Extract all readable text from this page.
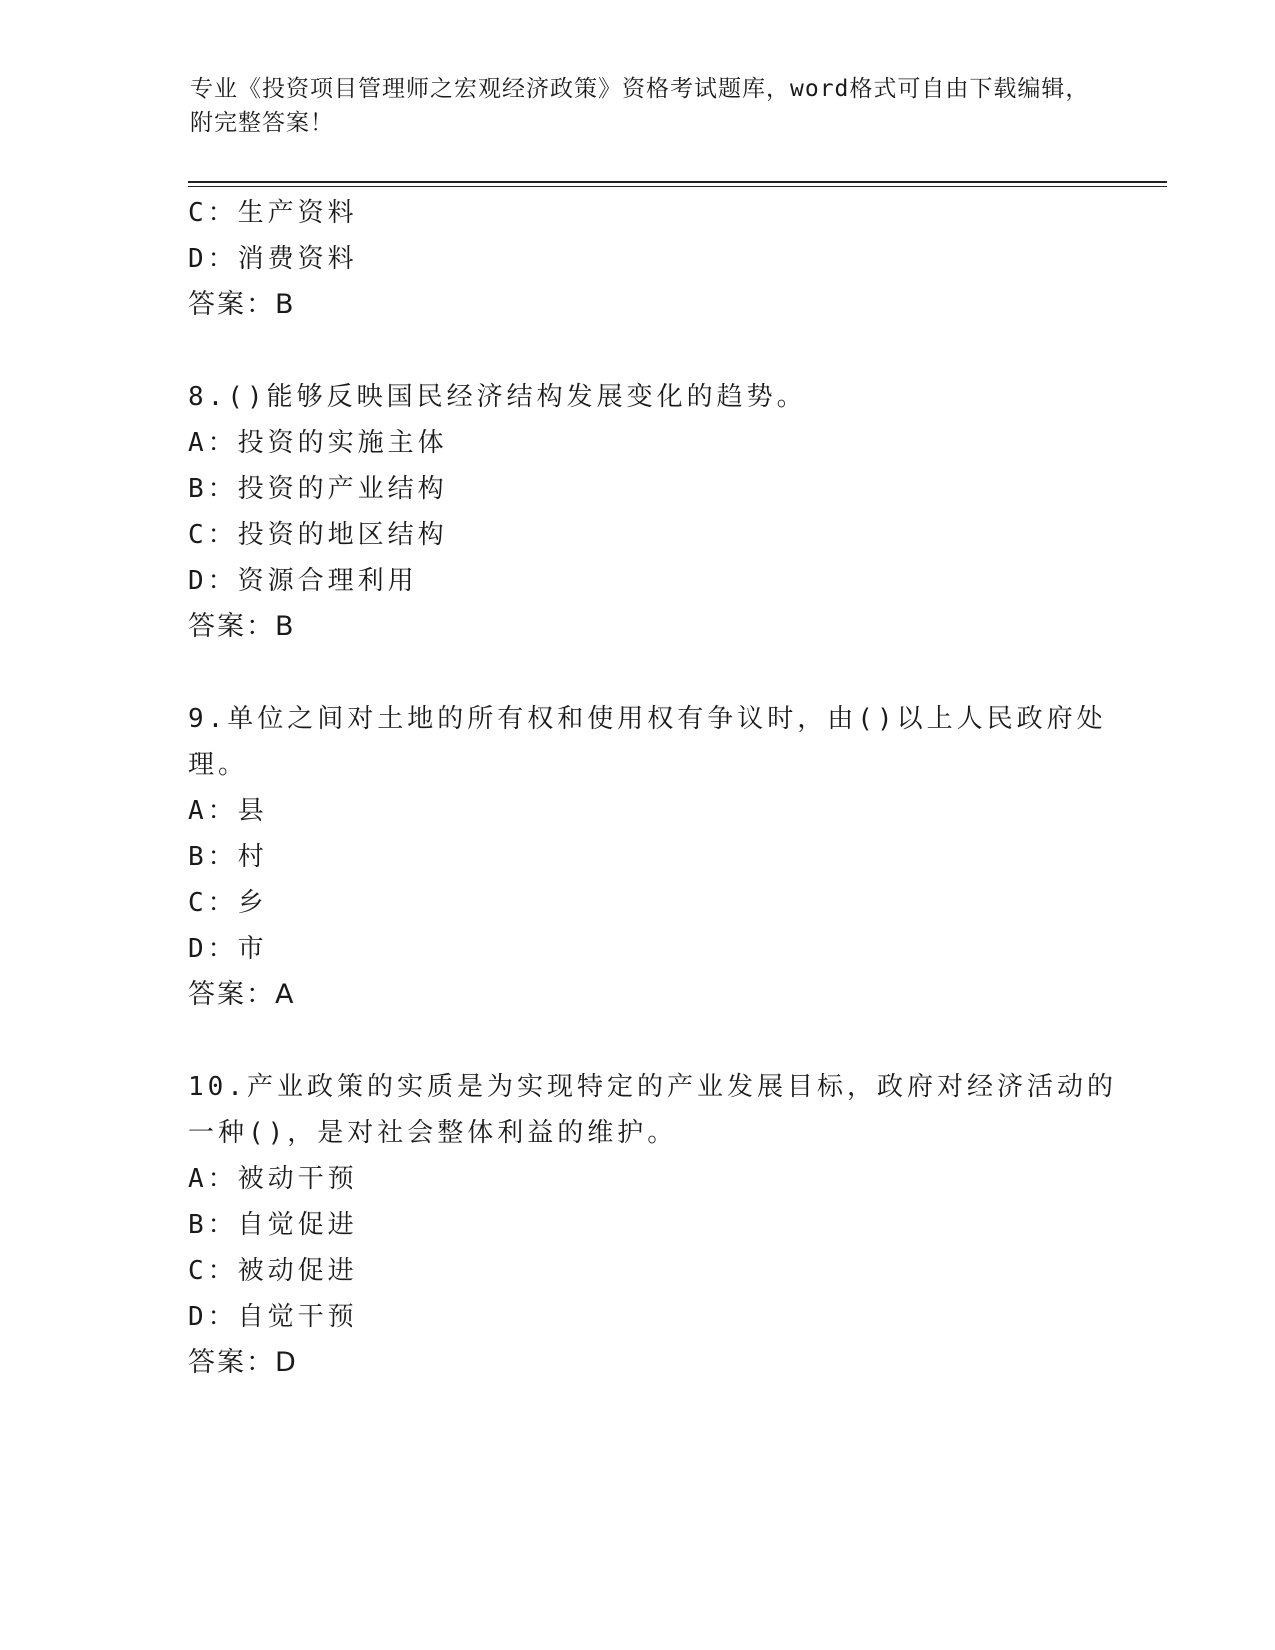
专业《投资项目管理师之宏观经济政策》资格考试题库，word格式可自由下载编辑，附完整答案！
C：生产资料
D：消费资料
答案：B
8.()能够反映国民经济结构发展变化的趋势。
A：投资的实施主体
B：投资的产业结构
C：投资的地区结构
D：资源合理利用
答案：B
9.单位之间对土地的所有权和使用权有争议时，由()以上人民政府处
理。
A：县
B：村
C：乡
D：市
答案：A
10.产业政策的实质是为实现特定的产业发展目标，政府对经济活动的
一种()，是对社会整体利益的维护。
A：被动干预
B：自觉促进
C：被动促进
D：自觉干预
答案：D
